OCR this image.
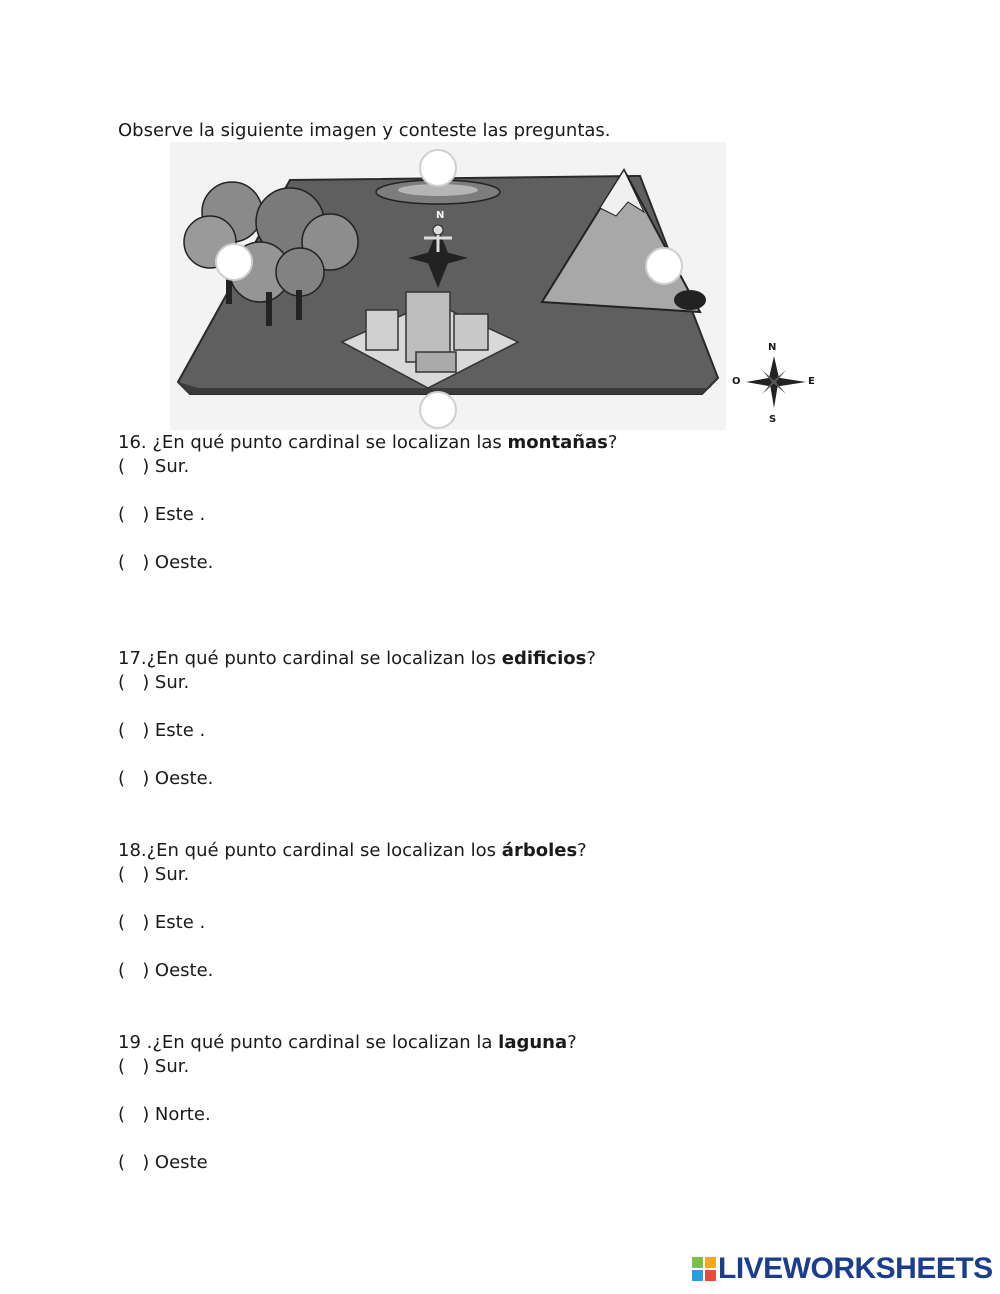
Observe la siguiente imagen y conteste las preguntas.
N
N
O	E
S
16. ¿En qué punto cardinal se localizan las montañas?
(   ) Sur.
(   ) Este .
(   ) Oeste.
17.¿En qué punto cardinal se localizan los edificios?
(   ) Sur.
(   ) Este .
(   ) Oeste.
18.¿En qué punto cardinal se localizan los árboles?
(   ) Sur.
(   ) Este .
(   ) Oeste.
19 .¿En qué punto cardinal se localizan la laguna?
(   ) Sur.
(   ) Norte.
(   ) Oeste
LIVEWORKSHEETS
